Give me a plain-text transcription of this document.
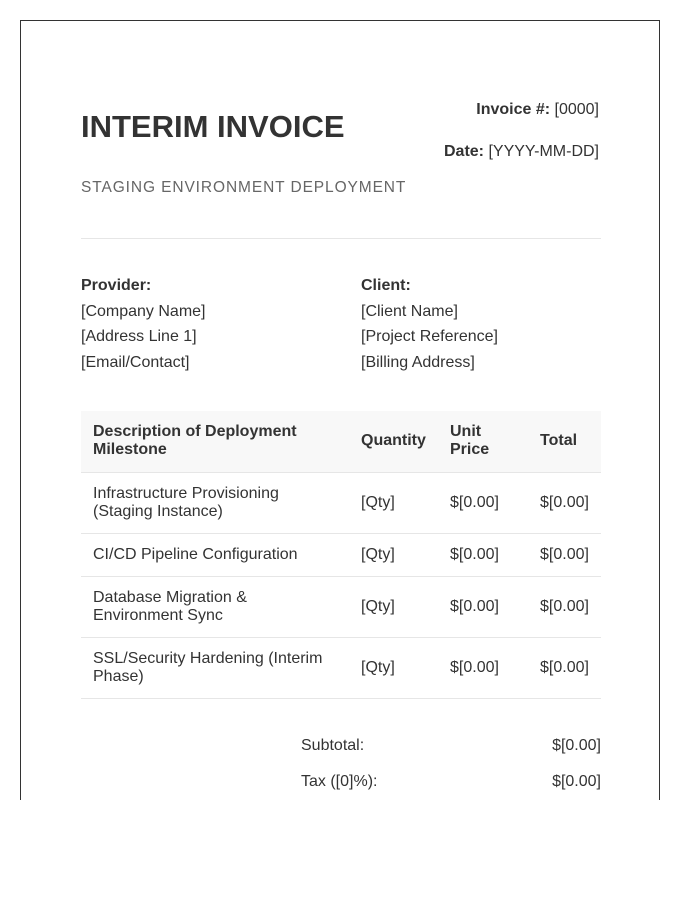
INTERIM INVOICE
STAGING ENVIRONMENT DEPLOYMENT
Invoice #: [0000]
Date: [YYYY-MM-DD]
Provider:
[Company Name]
[Address Line 1]
[Email/Contact]
Client:
[Client Name]
[Project Reference]
[Billing Address]
Description of Deployment Milestone	Quantity	Unit Price	Total
Infrastructure Provisioning (Staging Instance)	[Qty]	$[0.00]	$[0.00]
CI/CD Pipeline Configuration	[Qty]	$[0.00]	$[0.00]
Database Migration & Environment Sync	[Qty]	$[0.00]	$[0.00]
SSL/Security Hardening (Interim Phase)	[Qty]	$[0.00]	$[0.00]
Subtotal:	$[0.00]
Tax ([0]%):	$[0.00]
